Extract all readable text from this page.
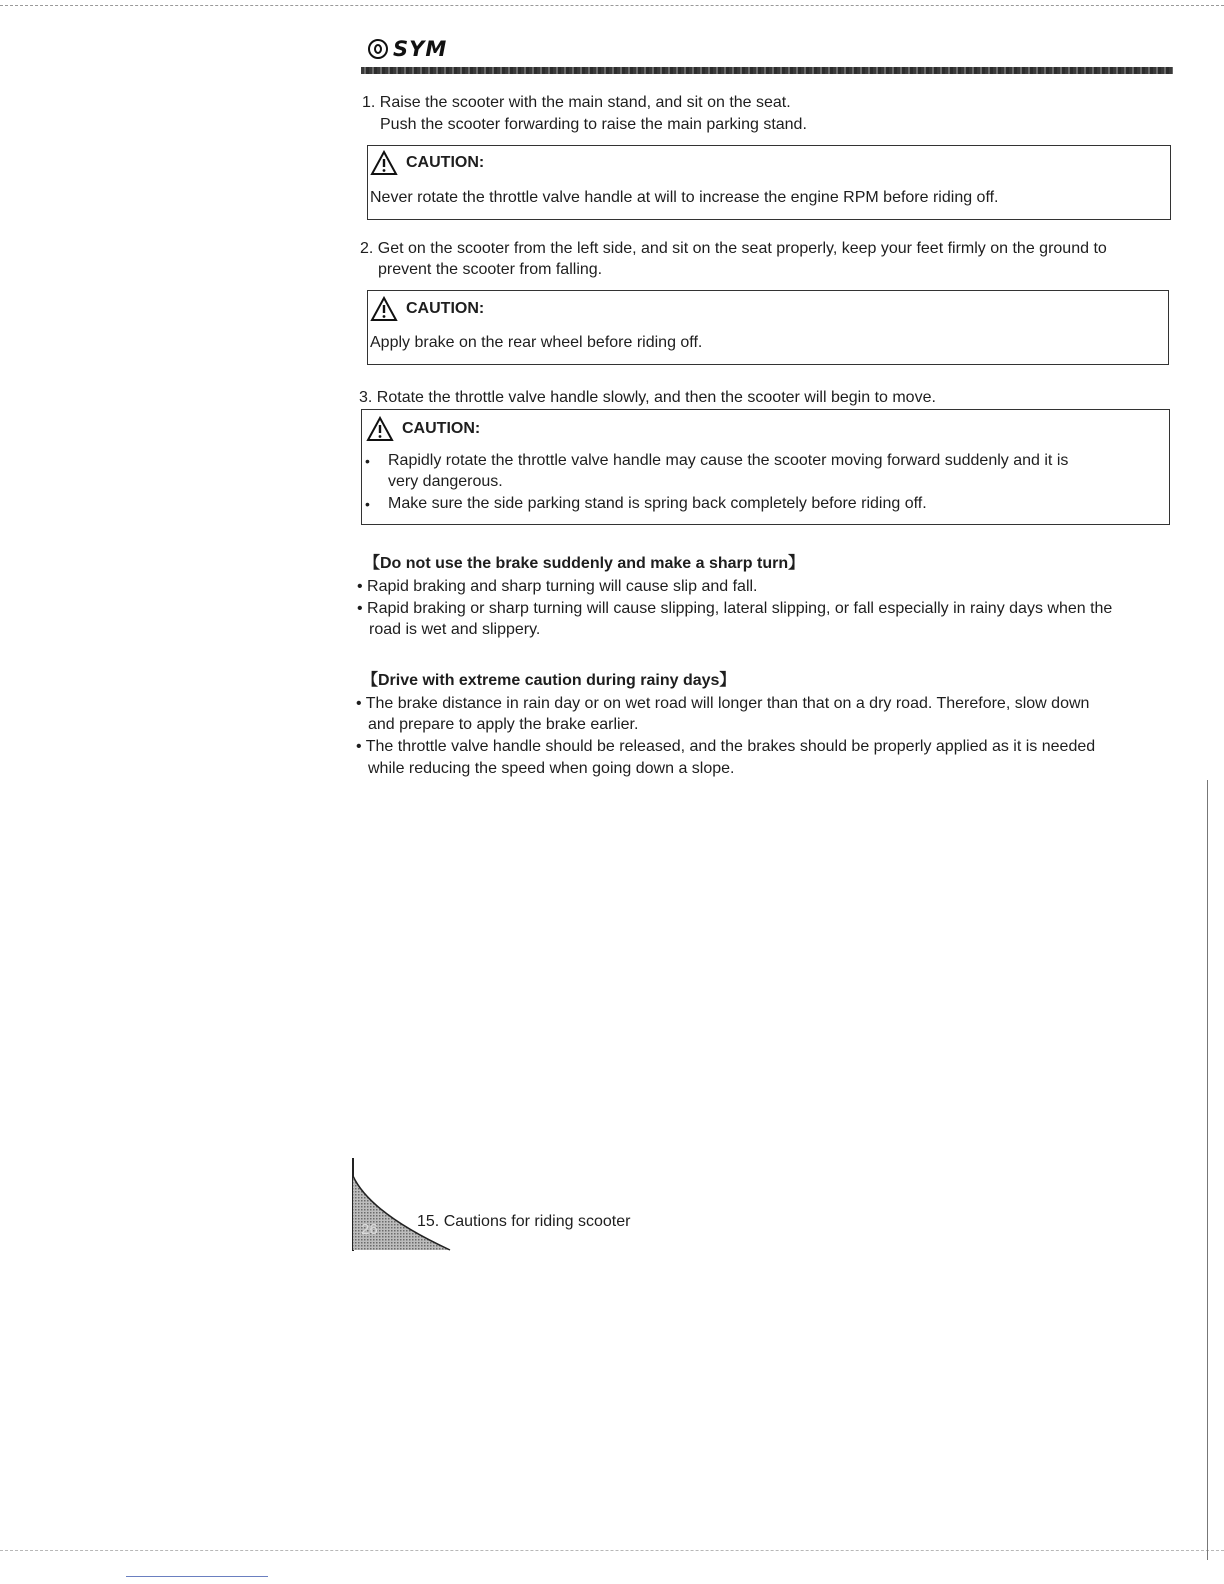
SYM
1. Raise the scooter with the main stand, and sit on the seat.
Push the scooter forwarding to raise the main parking stand.
CAUTION:
Never rotate the throttle valve handle at will to increase the engine RPM before riding off.
2. Get on the scooter from the left side, and sit on the seat properly, keep your feet firmly on the ground to
prevent the scooter from falling.
CAUTION:
Apply brake on the rear wheel before riding off.
3. Rotate the throttle valve handle slowly, and then the scooter will begin to move.
CAUTION:
• Rapidly rotate the throttle valve handle may cause the scooter moving forward suddenly and it is
very dangerous.
• Make sure the side parking stand is spring back completely before riding off.
【Do not use the brake suddenly and make a sharp turn】
• Rapid braking and sharp turning will cause slip and fall.
• Rapid braking or sharp turning will cause slipping, lateral slipping, or fall especially in rainy days when the
road is wet and slippery.
【Drive with extreme caution during rainy days】
• The brake distance in rain day or on wet road will longer than that on a dry road. Therefore, slow down
and prepare to apply the brake earlier.
• The throttle valve handle should be released, and the brakes should be properly applied as it is needed
while reducing the speed when going down a slope.
26 15. Cautions for riding scooter
